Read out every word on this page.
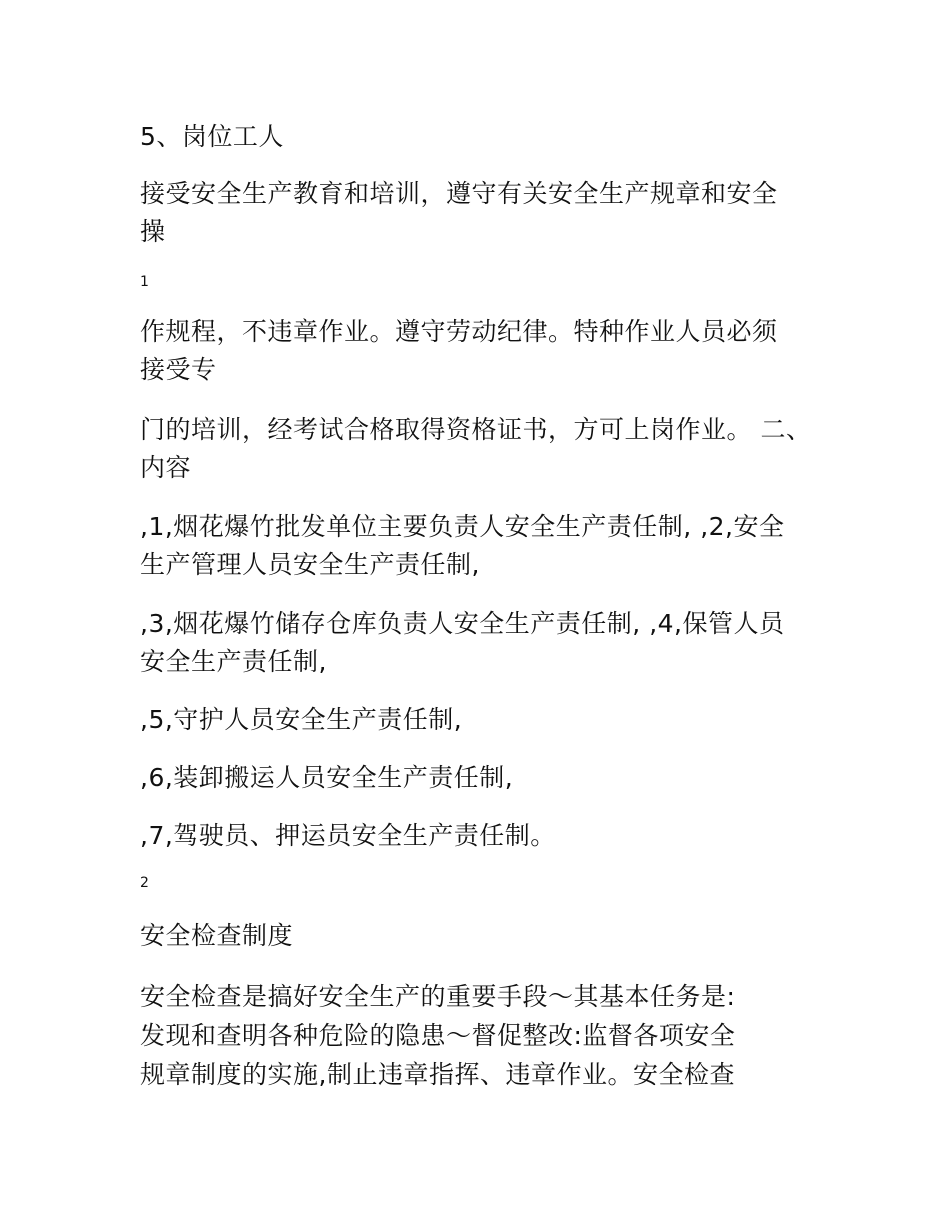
5、岗位工人

接受安全生产教育和培训，遵守有关安全生产规章和安全

操

1

作规程，不违章作业。遵守劳动纪律。特种作业人员必须

接受专

门的培训，经考试合格取得资格证书，方可上岗作业。 二、

内容

,1,烟花爆竹批发单位主要负责人安全生产责任制, ,2,安全

生产管理人员安全生产责任制,

,3,烟花爆竹储存仓库负责人安全生产责任制, ,4,保管人员

安全生产责任制,

,5,守护人员安全生产责任制,

,6,装卸搬运人员安全生产责任制,

,7,驾驶员、押运员安全生产责任制。

2

安全检查制度

安全检查是搞好安全生产的重要手段～其基本任务是:

发现和查明各种危险的隐患～督促整改:监督各项安全

规章制度的实施,制止违章指挥、违章作业。安全检查
